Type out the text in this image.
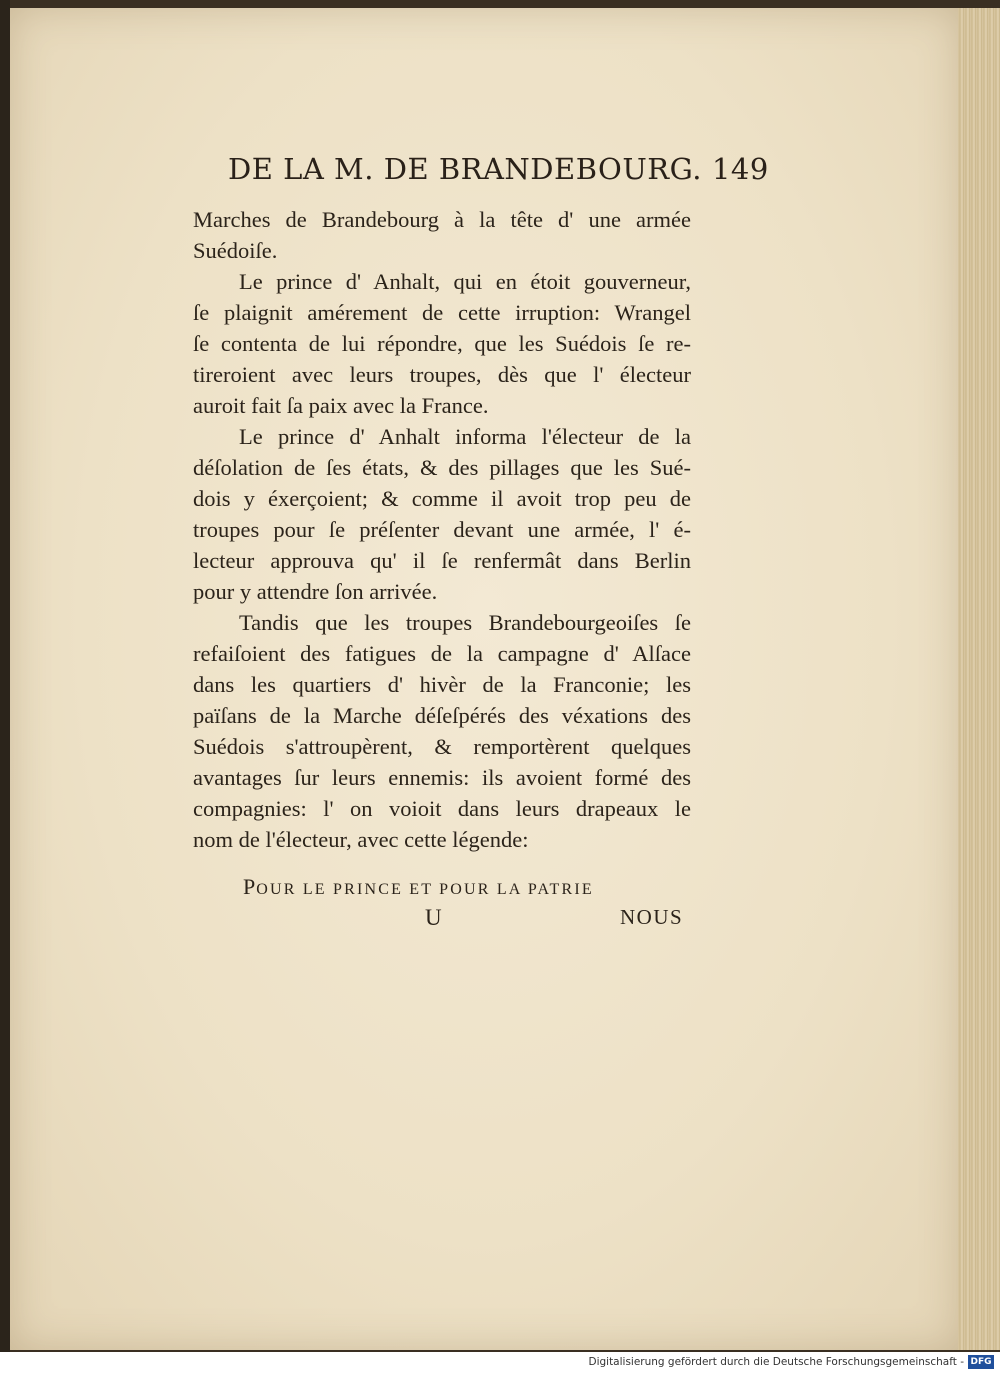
DE LA M. DE BRANDEBOURG. 149
Marches de Brandebourg à la tête d' une armée
Suédoiſe.
Le prince d' Anhalt, qui en étoit gouverneur,
ſe plaignit amérement de cette irruption: Wrangel
ſe contenta de lui répondre, que les Suédois ſe re-
tireroient avec leurs troupes, dès que l' électeur
auroit fait ſa paix avec la France.
Le prince d' Anhalt informa l'électeur de la
déſolation de ſes états, & des pillages que les Sué-
dois y éxerçoient; & comme il avoit trop peu de
troupes pour ſe préſenter devant une armée, l' é-
lecteur approuva qu' il ſe renfermât dans Berlin
pour y attendre ſon arrivée.
Tandis que les troupes Brandebourgeoiſes ſe
refaiſoient des fatigues de la campagne d' Alſace
dans les quartiers d' hivèr de la Franconie; les
païſans de la Marche déſeſpérés des véxations des
Suédois s'attroupèrent, & remportèrent quelques
avantages ſur leurs ennemis: ils avoient formé des
compagnies: l' on voioit dans leurs drapeaux le
nom de l'électeur, avec cette légende:
POUR LE PRINCE ET POUR LA PATRIE
U	NOUS
Digitalisierung gefördert durch die Deutsche Forschungsgemeinschaft - DFG
